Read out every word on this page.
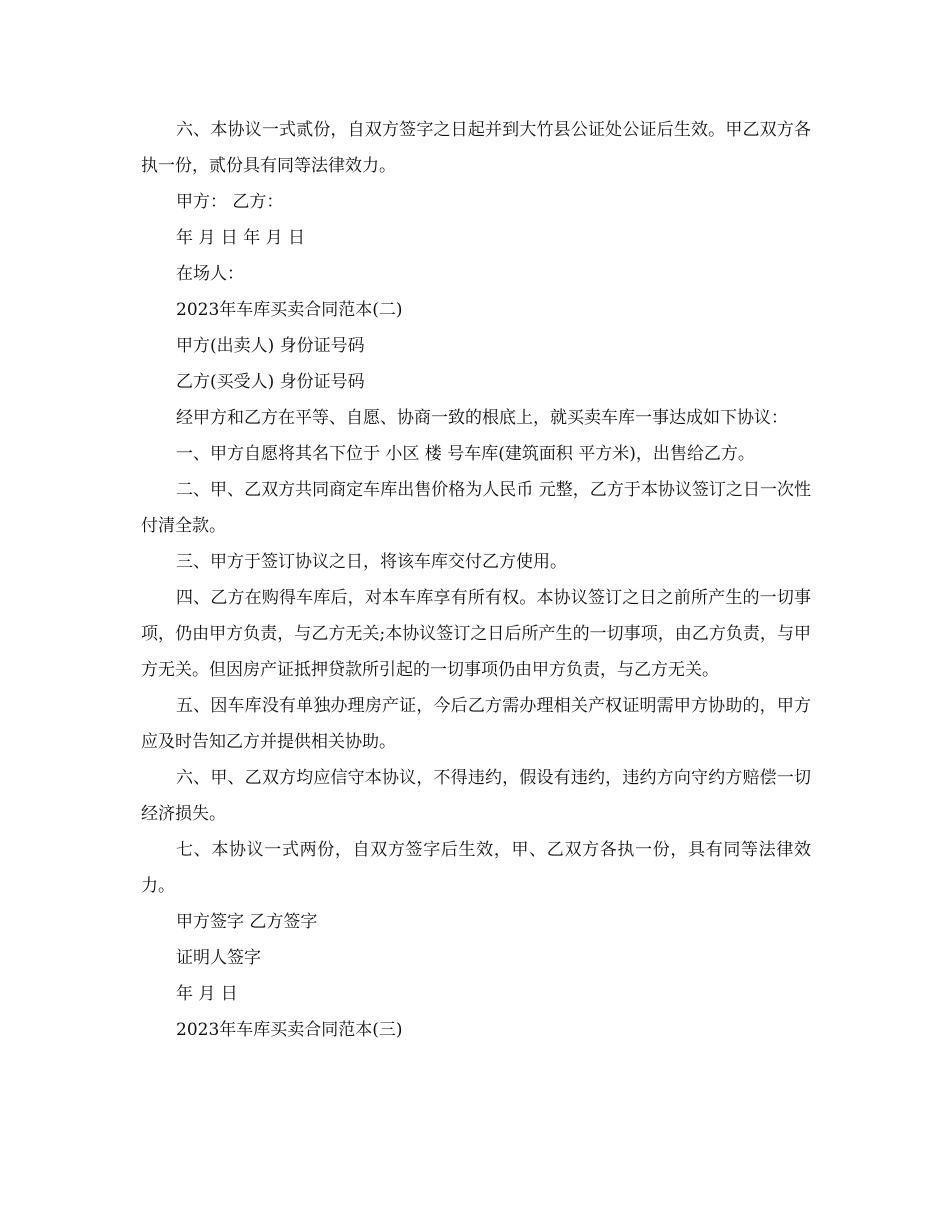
六、本协议一式贰份，自双方签字之日起并到大竹县公证处公证后生效。甲乙双方各执一份，贰份具有同等法律效力。

甲方： 乙方：

年 月 日 年 月 日

在场人：

2023年车库买卖合同范本(二)

甲方(出卖人) 身份证号码

乙方(买受人) 身份证号码

经甲方和乙方在平等、自愿、协商一致的根底上，就买卖车库一事达成如下协议：

一、甲方自愿将其名下位于 小区 楼 号车库(建筑面积 平方米)，出售给乙方。

二、甲、乙双方共同商定车库出售价格为人民币 元整，乙方于本协议签订之日一次性付清全款。

三、甲方于签订协议之日，将该车库交付乙方使用。

四、乙方在购得车库后，对本车库享有所有权。本协议签订之日之前所产生的一切事项，仍由甲方负责，与乙方无关;本协议签订之日后所产生的一切事项，由乙方负责，与甲方无关。但因房产证抵押贷款所引起的一切事项仍由甲方负责，与乙方无关。

五、因车库没有单独办理房产证，今后乙方需办理相关产权证明需甲方协助的，甲方应及时告知乙方并提供相关协助。

六、甲、乙双方均应信守本协议，不得违约，假设有违约，违约方向守约方赔偿一切经济损失。

七、本协议一式两份，自双方签字后生效，甲、乙双方各执一份，具有同等法律效力。

甲方签字 乙方签字

证明人签字

年 月 日

2023年车库买卖合同范本(三)
